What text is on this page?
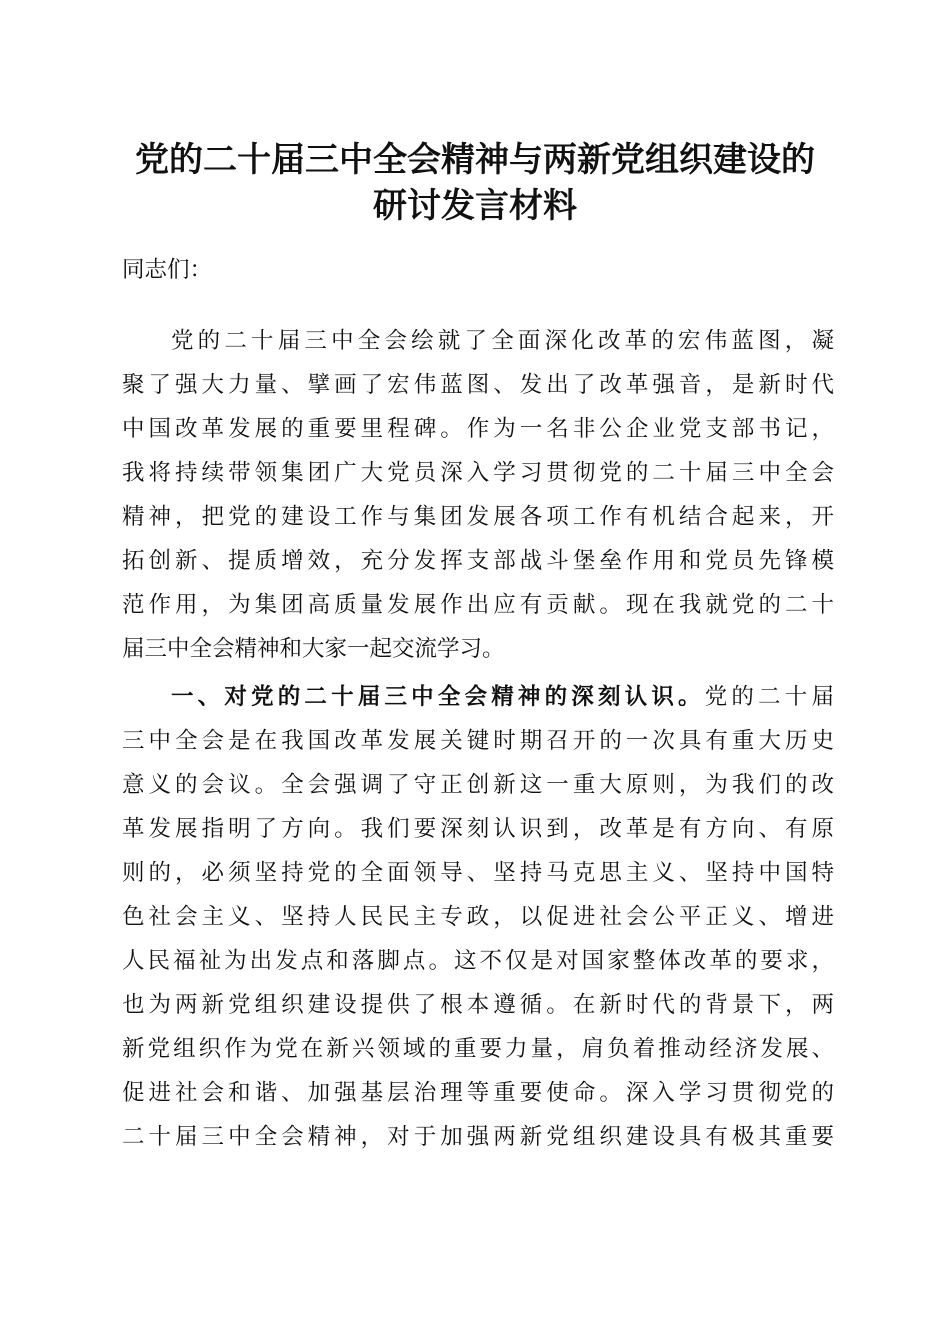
党的二十届三中全会精神与两新党组织建设的
研讨发言材料
同志们：
党的二十届三中全会绘就了全面深化改革的宏伟蓝图，凝
聚了强大力量、擘画了宏伟蓝图、发出了改革强音，是新时代
中国改革发展的重要里程碑。作为一名非公企业党支部书记，
我将持续带领集团广大党员深入学习贯彻党的二十届三中全会
精神，把党的建设工作与集团发展各项工作有机结合起来，开
拓创新、提质增效，充分发挥支部战斗堡垒作用和党员先锋模
范作用，为集团高质量发展作出应有贡献。现在我就党的二十
届三中全会精神和大家一起交流学习。
一、对党的二十届三中全会精神的深刻认识。党的二十届
三中全会是在我国改革发展关键时期召开的一次具有重大历史
意义的会议。全会强调了守正创新这一重大原则，为我们的改
革发展指明了方向。我们要深刻认识到，改革是有方向、有原
则的，必须坚持党的全面领导、坚持马克思主义、坚持中国特
色社会主义、坚持人民民主专政，以促进社会公平正义、增进
人民福祉为出发点和落脚点。这不仅是对国家整体改革的要求，
也为两新党组织建设提供了根本遵循。在新时代的背景下，两
新党组织作为党在新兴领域的重要力量，肩负着推动经济发展、
促进社会和谐、加强基层治理等重要使命。深入学习贯彻党的
二十届三中全会精神，对于加强两新党组织建设具有极其重要
